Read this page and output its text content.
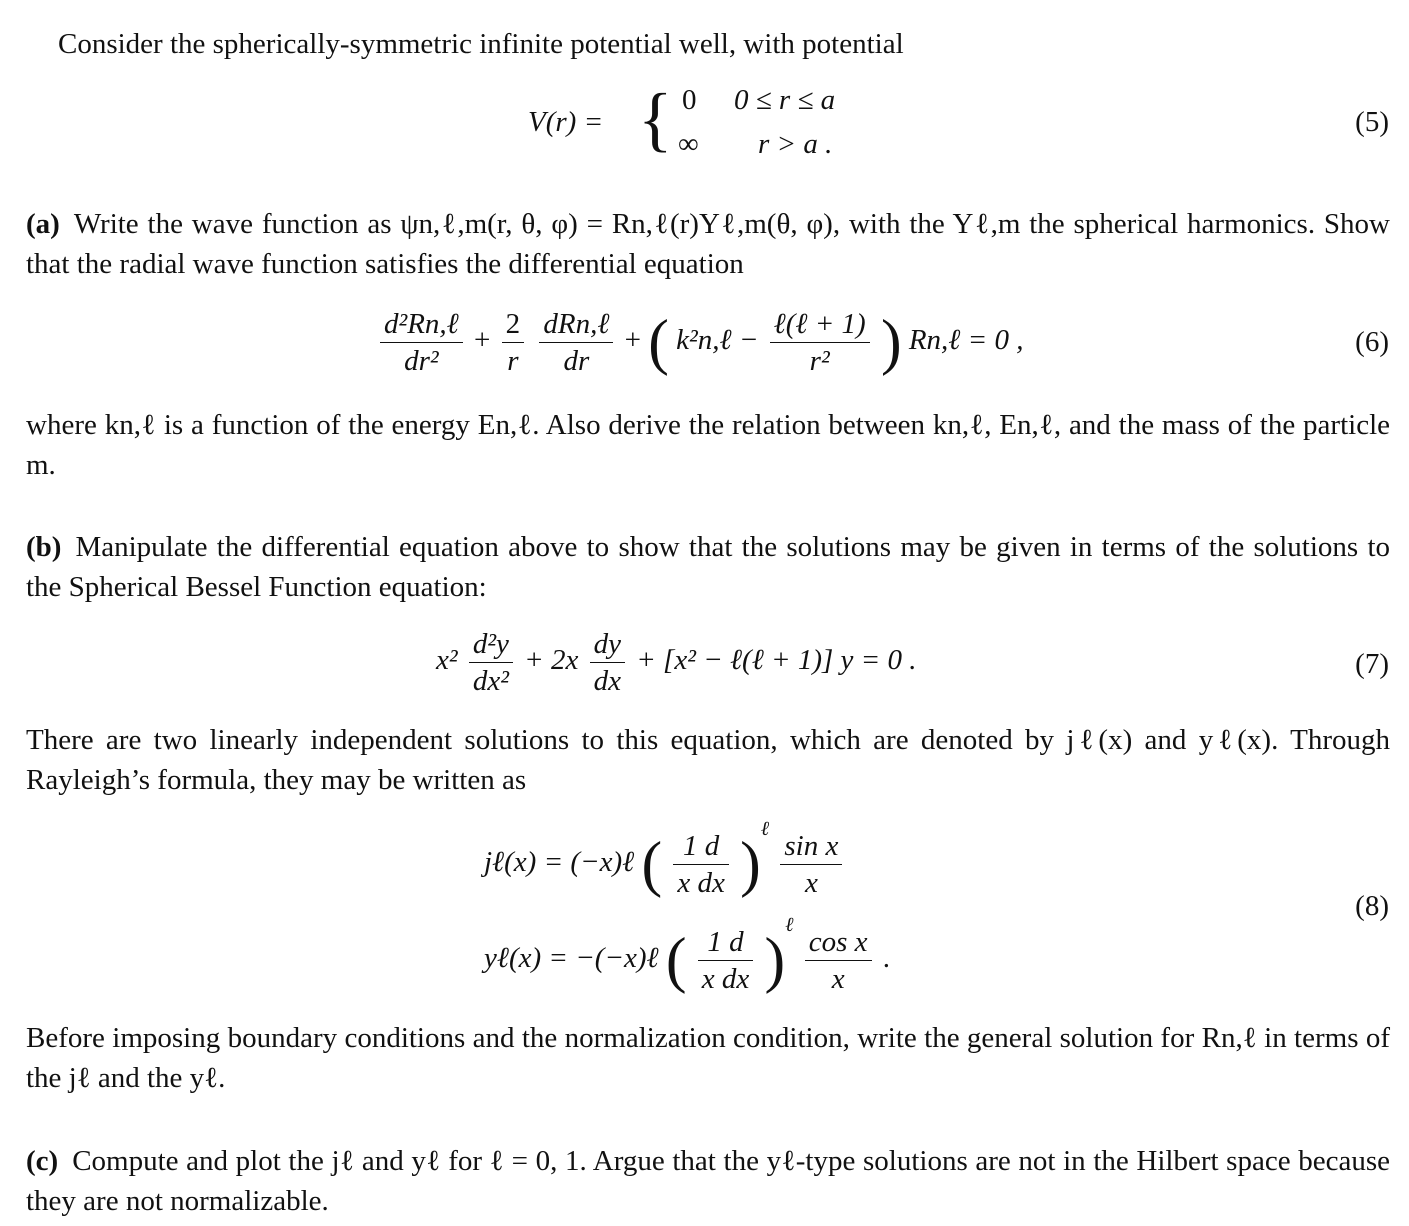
Consider the spherically-symmetric infinite potential well, with potential
V(r) = { 0 0 ≤ r ≤ a
∞ r > a .
(5)
(a) Write the wave function as ψn,ℓ,m(r, θ, φ) = Rn,ℓ(r)Yℓ,m(θ, φ), with the Yℓ,m the spherical harmonics. Show that the radial wave function satisfies the differential equation
$\frac{\text{d²Rn,ℓ}}{\text{dr²}} + \frac{2}{r}$
$\frac{\text{dRn,ℓ}}{dr}$ + ( k²n,ℓ − $\frac{\text{ℓ(ℓ + 1)}}{\text{r²}}$ ) Rn,ℓ = 0 ,	(6)
where kn,ℓ is a function of the energy En,ℓ. Also derive the relation between kn,ℓ, En,ℓ, and the mass of the particle m.
(b) Manipulate the differential equation above to show that the solutions may be given in terms of the solutions to the Spherical Bessel Function equation:
$x^2 \frac{\text{d²y}}{\text{dx²}} + 2x \frac{dy}{dx} + [x^2$ − ℓ(ℓ + 1)] y = 0 .	(7)
There are two linearly independent solutions to this equation, which are denoted by jℓ(x) and yℓ(x). Through Rayleigh’s formula, they may be written as
jℓ(x) = (−x)ℓ ( $\frac{1 d}{\text{x dx}} )^\ell \frac{\text{sin x}}{x}$
yℓ(x) = −(−x)ℓ ( $\frac{1 d}{\text{x dx}} )^\ell \frac{\text{cos x}}{x}$ .
(8)
Before imposing boundary conditions and the normalization condition, write the general solution for Rn,ℓ in terms of the jℓ and the yℓ.
(c) Compute and plot the jℓ and yℓ for ℓ = 0, 1. Argue that the yℓ-type solutions are not in the Hilbert space because they are not normalizable.
